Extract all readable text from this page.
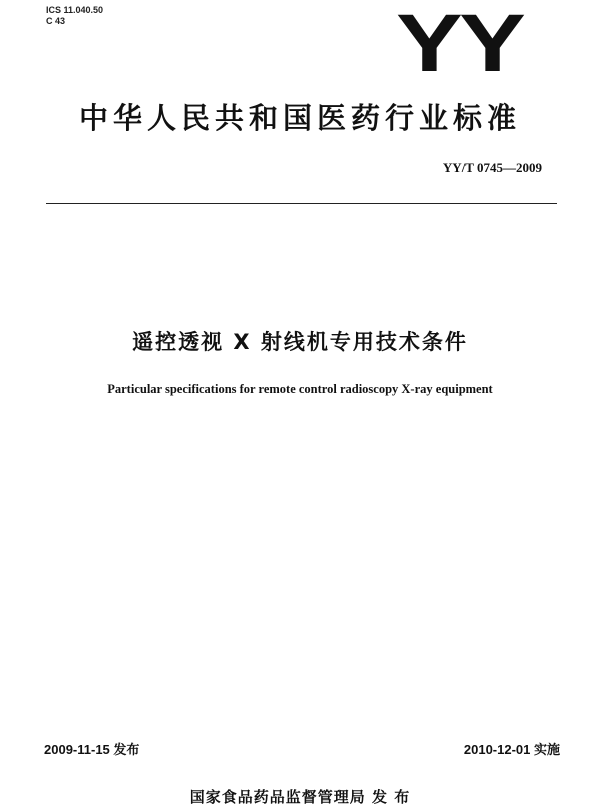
ICS 11.040.50
C 43	YY
中华人民共和国医药行业标准
YY/T 0745—2009
遥控透视 X 射线机专用技术条件
Particular specifications for remote control radioscopy X-ray equipment
2009-11-15 发布	2010-12-01 实施
国家食品药品监督管理局 发 布
